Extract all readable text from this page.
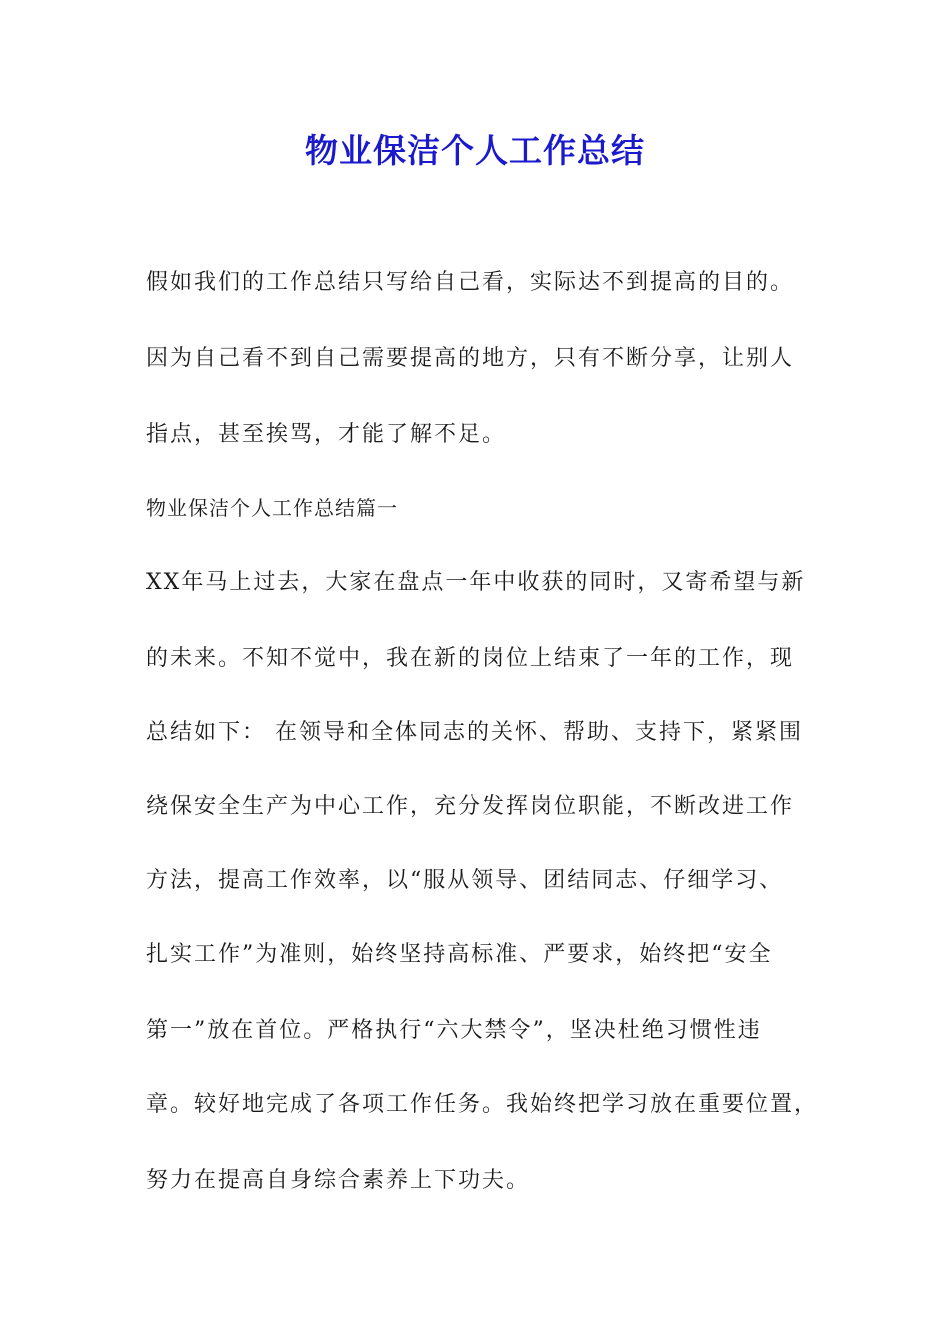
物业保洁个人工作总结
假如我们的工作总结只写给自己看，实际达不到提高的目的。
因为自己看不到自己需要提高的地方，只有不断分享，让别人
指点，甚至挨骂，才能了解不足。
物业保洁个人工作总结篇一
XX年马上过去，大家在盘点一年中收获的同时，又寄希望与新
的未来。不知不觉中，我在新的岗位上结束了一年的工作，现
总结如下： 在领导和全体同志的关怀、帮助、支持下，紧紧围
绕保安全生产为中心工作，充分发挥岗位职能，不断改进工作
方法，提高工作效率，以“服从领导、团结同志、仔细学习、
扎实工作”为准则，始终坚持高标准、严要求，始终把“安全
第一”放在首位。严格执行“六大禁令”，坚决杜绝习惯性违
章。较好地完成了各项工作任务。我始终把学习放在重要位置，
努力在提高自身综合素养上下功夫。
